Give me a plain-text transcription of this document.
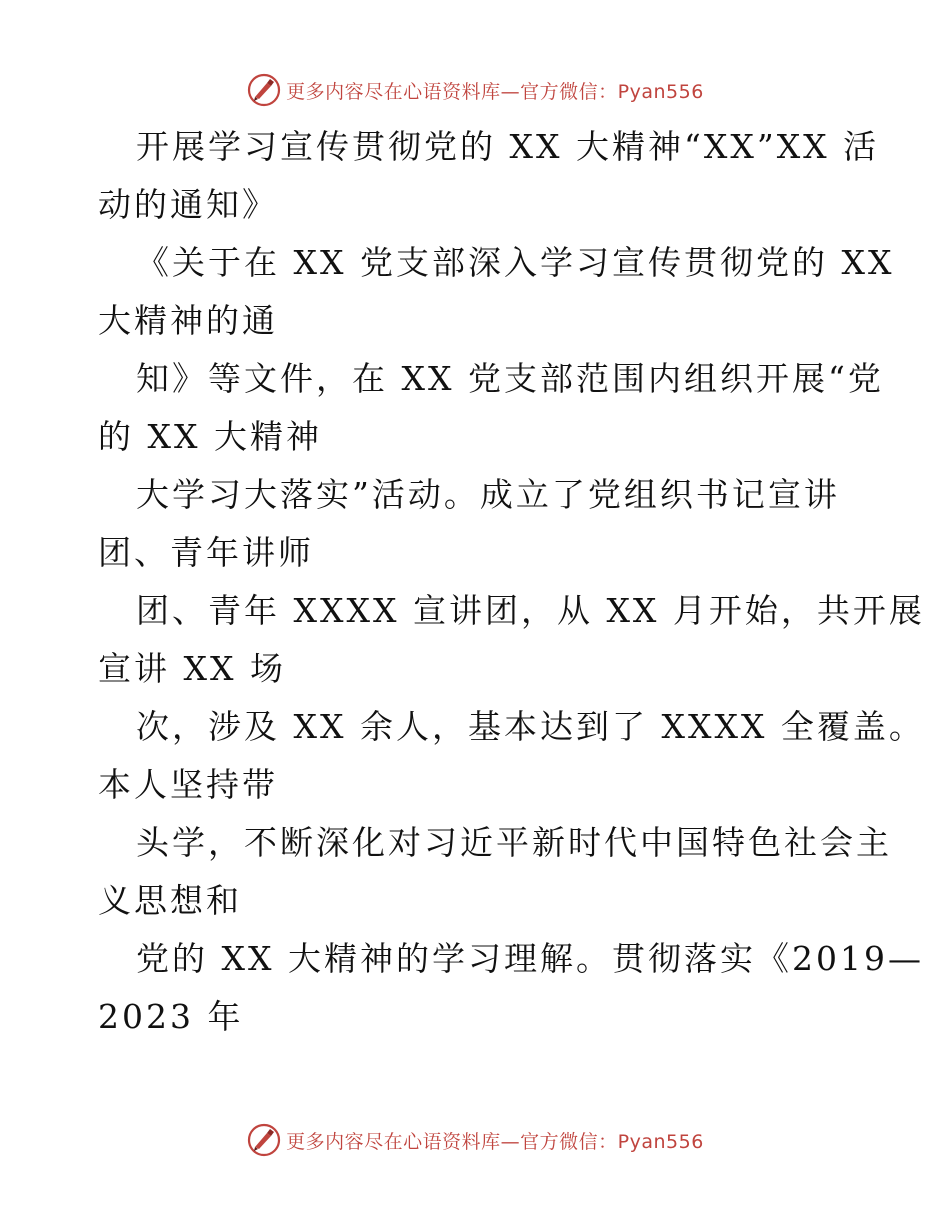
更多内容尽在心语资料库—官方微信：Pyan556
开展学习宣传贯彻党的 XX 大精神“XX”XX 活
动的通知》
《关于在 XX 党支部深入学习宣传贯彻党的 XX
大精神的通
知》等文件，在 XX 党支部范围内组织开展“党
的 XX 大精神
大学习大落实”活动。成立了党组织书记宣讲
团、青年讲师
团、青年 XXXX 宣讲团，从 XX 月开始，共开展
宣讲 XX 场
次，涉及 XX 余人，基本达到了 XXXX 全覆盖。
本人坚持带
头学，不断深化对习近平新时代中国特色社会主
义思想和
党的 XX 大精神的学习理解。贯彻落实《2019—
2023 年
更多内容尽在心语资料库—官方微信：Pyan556
